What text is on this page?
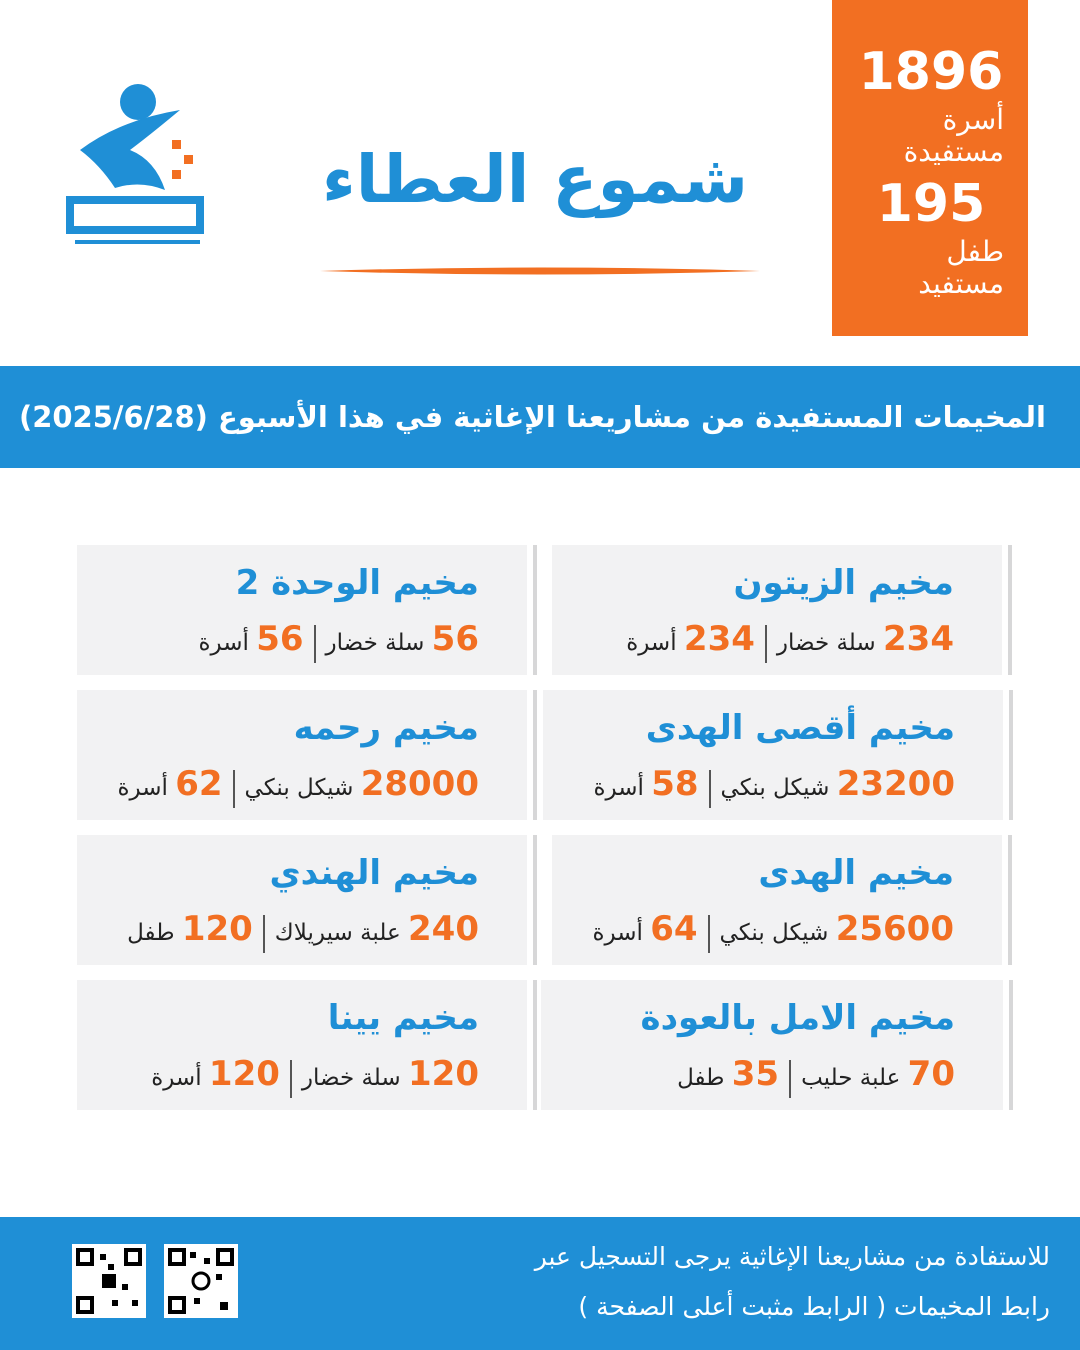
شموع العطاء
1896
أسرة
مستفيدة
195
طفل
مستفيد
المخيمات المستفيدة من مشاريعنا الإغاثية في هذا الأسبوع (2025/6/28)
مخيم الزيتون
234 سلة خضار234 أسرة
مخيم الوحدة 2
56 سلة خضار56 أسرة
مخيم أقصى الهدى
23200 شيكل بنكي58 أسرة
مخيم رحمه
28000 شيكل بنكي62 أسرة
مخيم الهدى
25600 شيكل بنكي64 أسرة
مخيم الهندي
240 علبة سيريلاك120 طفل
مخيم الامل بالعودة
70 علبة حليب35 طفل
مخيم يينا
120 سلة خضار120 أسرة
للاستفادة من مشاريعنا الإغاثية يرجى التسجيل عبر
رابط المخيمات ( الرابط مثبت أعلى الصفحة )
